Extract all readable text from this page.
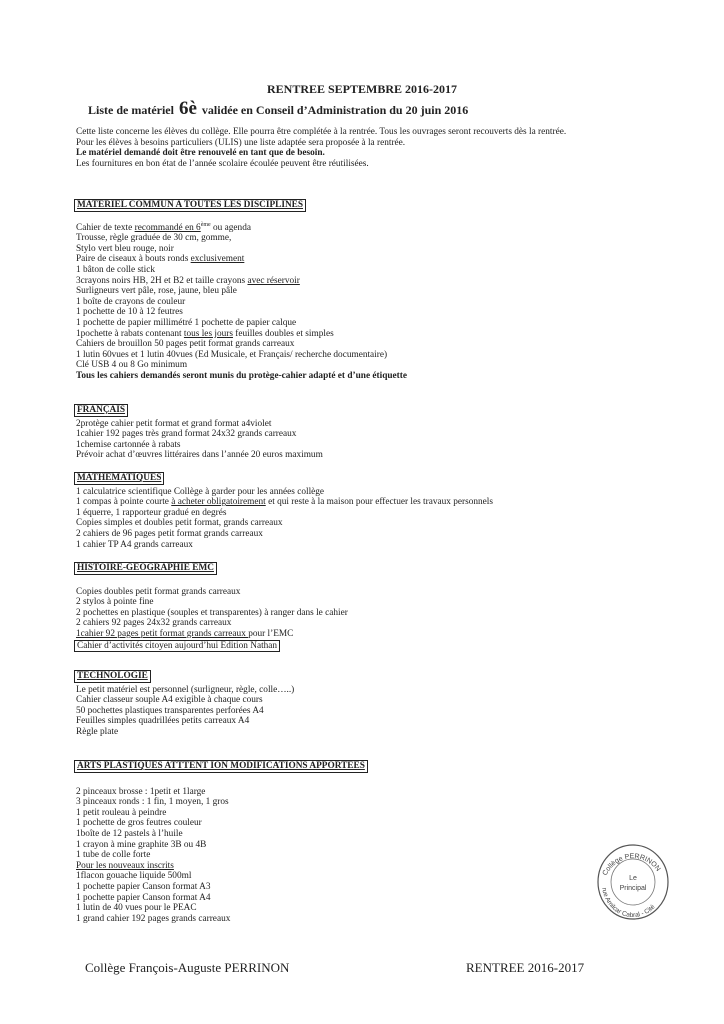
RENTREE SEPTEMBRE 2016-2017
Liste de matériel 6è validée en Conseil d’Administration du 20 juin 2016
Cette liste concerne les élèves du collège. Elle pourra être complétée à la rentrée. Tous les ouvrages seront recouverts dès la rentrée.
Pour les élèves à besoins particuliers (ULIS) une liste adaptée sera proposée à la rentrée.
Le matériel demandé doit être renouvelé en tant que de besoin.
Les fournitures en bon état de l’année scolaire écoulée peuvent être réutilisées.
MATERIEL COMMUN A TOUTES LES DISCIPLINES
Cahier de texte recommandé en 6ème ou agenda
Trousse, règle graduée de 30 cm, gomme,
Stylo vert bleu rouge, noir
Paire de ciseaux à bouts ronds exclusivement
1 bâton de colle stick
3crayons noirs HB, 2H et B2 et taille crayons avec réservoir
Surligneurs vert pâle, rose, jaune, bleu pâle
1 boîte de crayons de couleur
1 pochette de 10 à 12 feutres
1 pochette de papier millimétré 1 pochette de papier calque
1pochette à rabats contenant tous les jours feuilles doubles et simples
Cahiers de brouillon 50 pages petit format grands carreaux
1 lutin 60vues et 1 lutin 40vues (Ed Musicale, et Français/ recherche documentaire)
Clé USB 4 ou 8 Go minimum
Tous les cahiers demandés seront munis du protège-cahier adapté et d’une étiquette
FRANÇAIS
2protège cahier petit format et grand format a4violet
1cahier 192 pages très grand format 24x32 grands carreaux
1chemise cartonnée à rabats
Prévoir achat d’œuvres littéraires dans l’année 20 euros maximum
MATHEMATIQUES
1 calculatrice scientifique Collège à garder pour les années collège
1 compas à pointe courte à acheter obligatoirement et qui reste à la maison pour effectuer les travaux personnels
1 équerre, 1 rapporteur gradué en degrés
Copies simples et doubles petit format, grands carreaux
2 cahiers de 96 pages petit format grands carreaux
1 cahier TP A4 grands carreaux
HISTOIRE-GEOGRAPHIE EMC
Copies doubles petit format grands carreaux
2 stylos à pointe fine
2 pochettes en plastique (souples et transparentes) à ranger dans le cahier
2 cahiers 92 pages 24x32 grands carreaux
1cahier 92 pages petit format grands carreaux pour l’EMC
Cahier d’activités citoyen aujourd’hui Edition Nathan
TECHNOLOGIE
Le petit matériel est personnel (surligneur, règle, colle…..)
Cahier classeur souple A4 exigible à chaque cours
50 pochettes plastiques transparentes perforées A4
Feuilles simples quadrillées petits carreaux A4
Règle plate
ARTS PLASTIQUES ATTTENT ION MODIFICATIONS APPORTEES
2 pinceaux brosse : 1petit et 1large
3 pinceaux ronds : 1 fin, 1 moyen, 1 gros
1 petit rouleau à peindre
1 pochette de gros feutres couleur
1boîte de 12 pastels à l’huile
1 crayon à mine graphite 3B ou 4B
1 tube de colle forte
Pour les nouveaux inscrits
1flacon gouache liquide 500ml
1 pochette papier Canson format A3
1 pochette papier Canson format A4
1 lutin de 40 vues pour le PEAC
1 grand cahier 192 pages grands carreaux
Collège PERRINON
rue Amilcar Cabral - Cité
Le
Principal
Collège François-Auguste PERRINON	RENTREE 2016-2017
